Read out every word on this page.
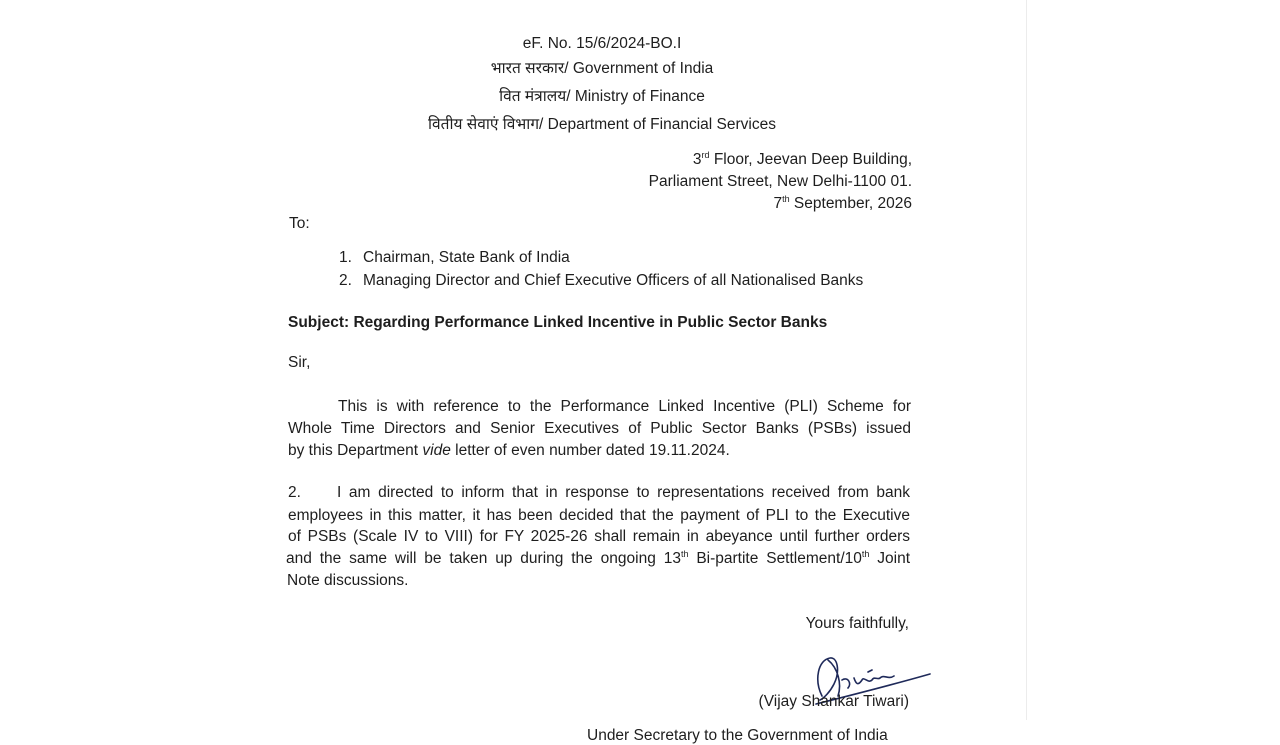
eF. No. 15/6/2024-BO.I

भारत सरकार/ Government of India

वित मंत्रालय/ Ministry of Finance

वितीय सेवाएं विभाग/ Department of Financial Services

3rd Floor, Jeevan Deep Building,

Parliament Street, New Delhi-1100 01.

7th September, 2026

To:

1. Chairman, State Bank of India

2. Managing Director and Chief Executive Officers of all Nationalised Banks

Subject: Regarding Performance Linked Incentive in Public Sector Banks

Sir,

This is with reference to the Performance Linked Incentive (PLI) Scheme for

Whole Time Directors and Senior Executives of Public Sector Banks (PSBs) issued

by this Department vide letter of even number dated 19.11.2024.

2. I am directed to inform that in response to representations received from bank

employees in this matter, it has been decided that the payment of PLI to the Executive

of PSBs (Scale IV to VIII) for FY 2025-26 shall remain in abeyance until further orders

and the same will be taken up during the ongoing 13th Bi-partite Settlement/10th Joint

Note discussions.

Yours faithfully,

(Vijay Shankar Tiwari)

Under Secretary to the Government of India
